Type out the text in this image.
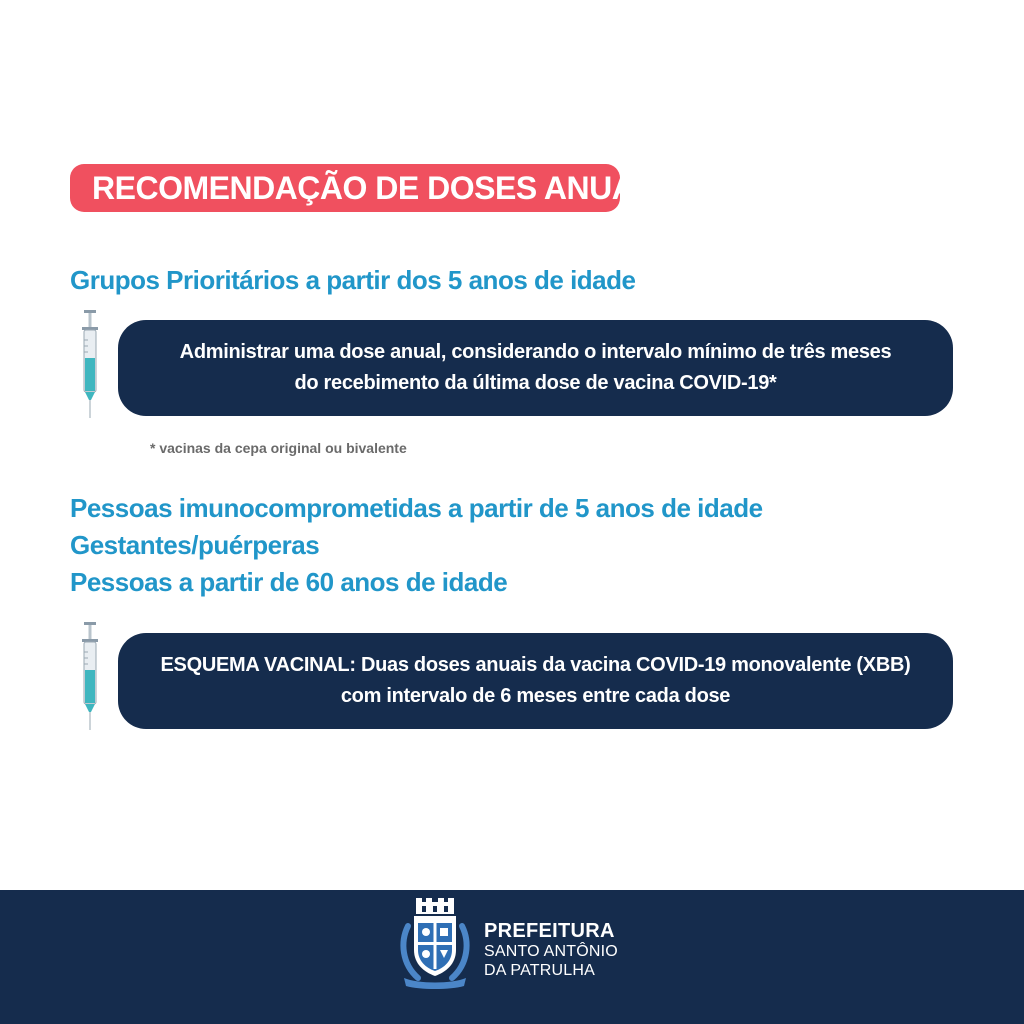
RECOMENDAÇÃO DE DOSES ANUAIS
Grupos Prioritários a partir dos 5 anos de idade
Administrar uma dose anual, considerando o intervalo mínimo de três meses
do recebimento da última dose de vacina COVID-19*
* vacinas da cepa original ou bivalente
Pessoas imunocomprometidas a partir de 5 anos de idade
Gestantes/puérperas
Pessoas a partir de 60 anos de idade
ESQUEMA VACINAL: Duas doses anuais da vacina COVID-19 monovalente (XBB)
com intervalo de 6 meses entre cada dose
PREFEITURA
SANTO ANTÔNIO
DA PATRULHA
